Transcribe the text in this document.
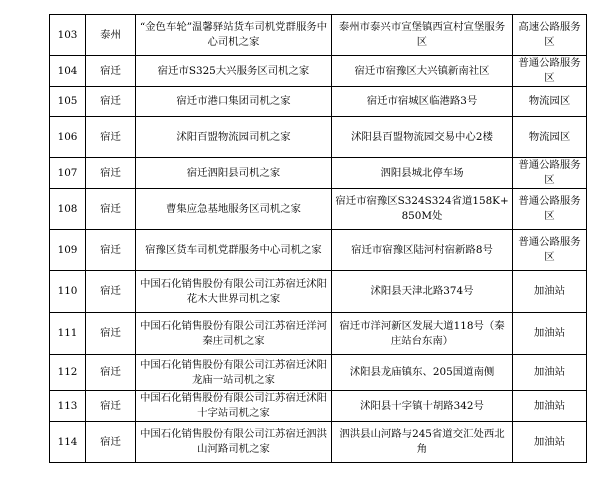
103	泰州	“金色车轮”温馨驿站货车司机党群服务中心司机之家	泰州市泰兴市宣堡镇西宣村宣堡服务区	高速公路服务区
104	宿迁	宿迁市S325大兴服务区司机之家	宿迁市宿豫区大兴镇新南社区	普通公路服务区
105	宿迁	宿迁市港口集团司机之家	宿迁市宿城区临港路3号	物流园区
106	宿迁	沭阳百盟物流园司机之家	沭阳县百盟物流园交易中心2楼	物流园区
107	宿迁	宿迁泗阳县司机之家	泗阳县城北停车场	普通公路服务区
108	宿迁	曹集应急基地服务区司机之家	宿迁市宿豫区S324S324省道158K+850M处	普通公路服务区
109	宿迁	宿豫区货车司机党群服务中心司机之家	宿迁市宿豫区陆河村宿新路8号	普通公路服务区
110	宿迁	中国石化销售股份有限公司江苏宿迁沭阳花木大世界司机之家	沭阳县天津北路374号	加油站
111	宿迁	中国石化销售股份有限公司江苏宿迁洋河秦庄司机之家	宿迁市洋河新区发展大道118号（秦庄站台东南）	加油站
112	宿迁	中国石化销售股份有限公司江苏宿迁沭阳龙庙一站司机之家	沭阳县龙庙镇东、205国道南侧	加油站
113	宿迁	中国石化销售股份有限公司江苏宿迁沭阳十字站司机之家	沭阳县十字镇十胡路342号	加油站
114	宿迁	中国石化销售股份有限公司江苏宿迁泗洪山河路司机之家	泗洪县山河路与245省道交汇处西北角	加油站
